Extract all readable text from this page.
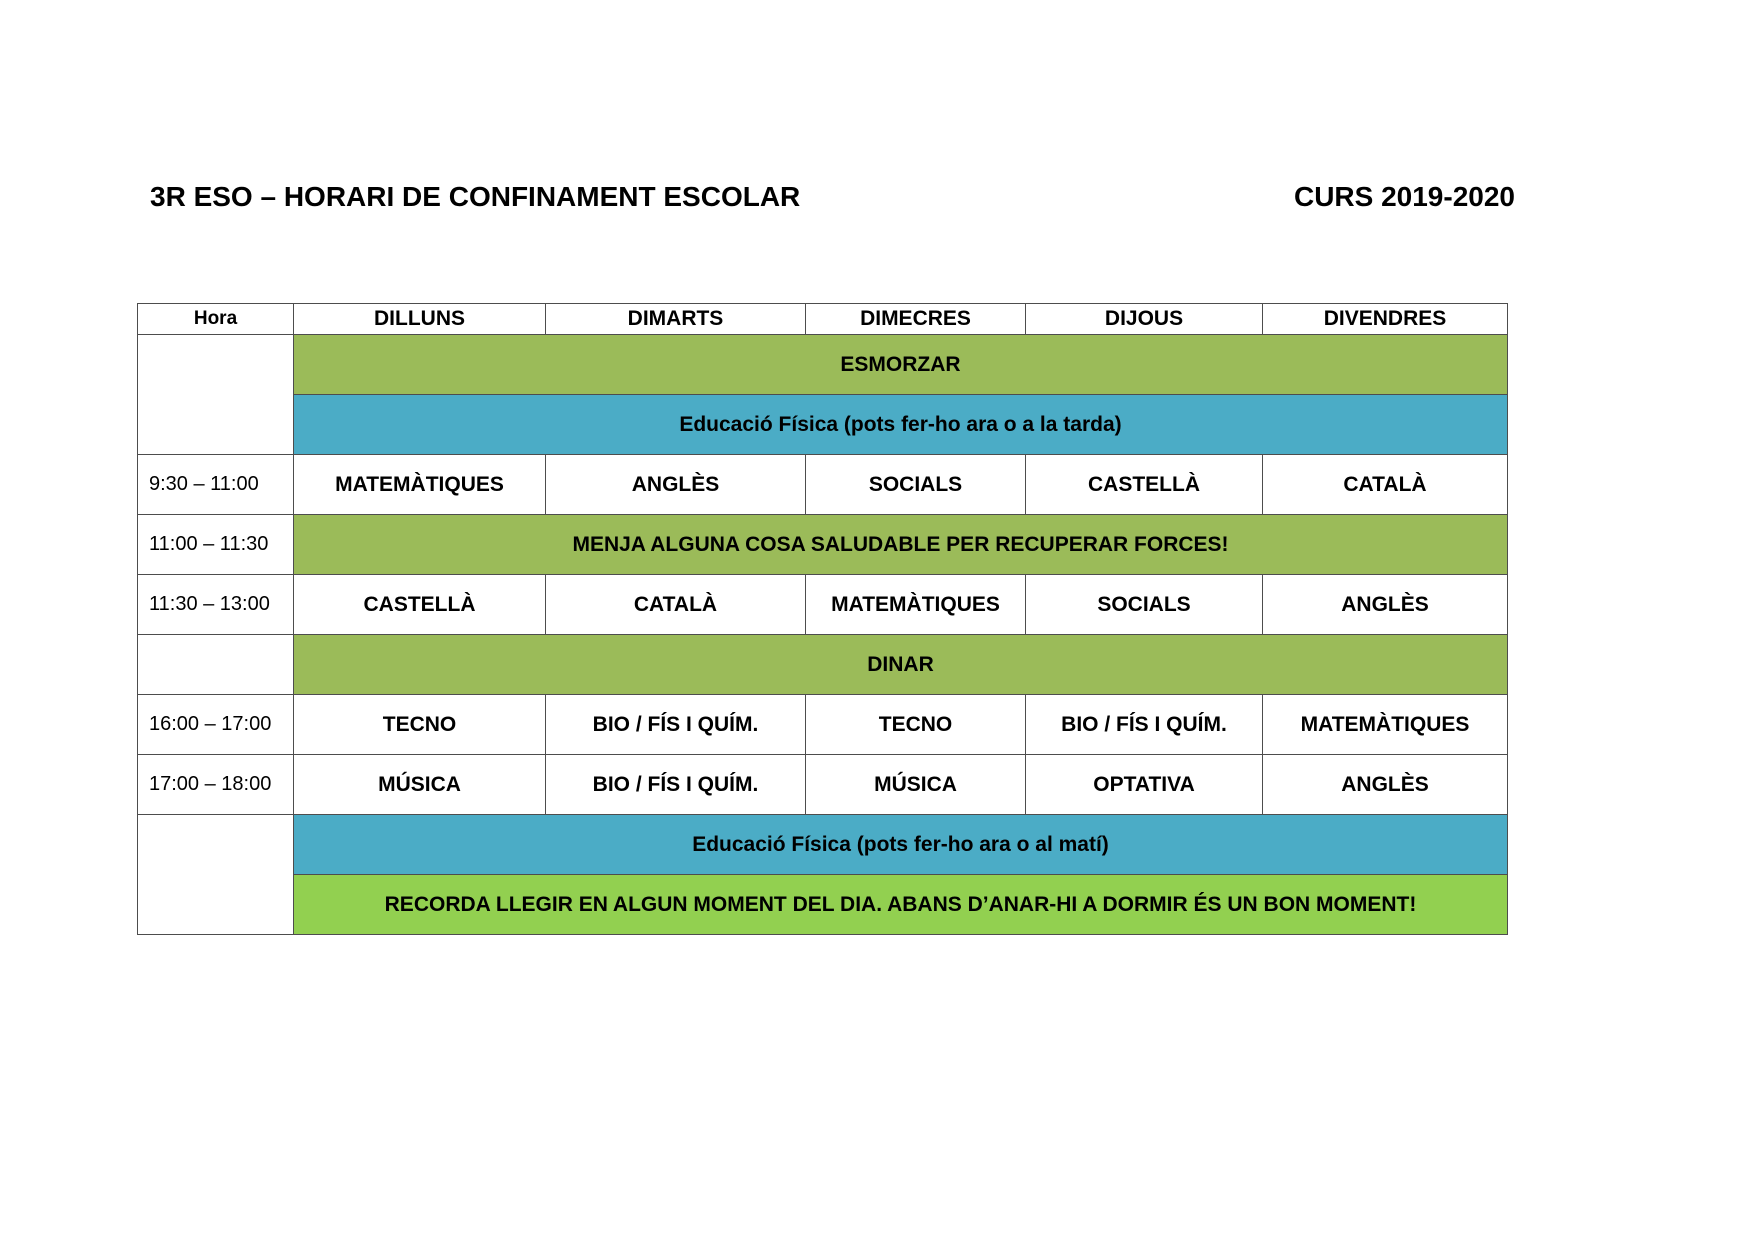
3R ESO – HORARI DE CONFINAMENT ESCOLAR	CURS 2019-2020
Hora	DILLUNS	DIMARTS	DIMECRES	DIJOUS	DIVENDRES
	ESMORZAR				
	Educació Física (pots fer-ho ara o a la tarda)				
9:30 – 11:00	MATEMÀTIQUES	ANGLÈS	SOCIALS	CASTELLÀ	CATALÀ
11:00 – 11:30	MENJA ALGUNA COSA SALUDABLE PER RECUPERAR FORCES!				
11:30 – 13:00	CASTELLÀ	CATALÀ	MATEMÀTIQUES	SOCIALS	ANGLÈS
	DINAR				
16:00 – 17:00	TECNO	BIO / FÍS I QUÍM.	TECNO	BIO / FÍS I QUÍM.	MATEMÀTIQUES
17:00 – 18:00	MÚSICA	BIO / FÍS I QUÍM.	MÚSICA	OPTATIVA	ANGLÈS
	Educació Física (pots fer-ho ara o al matí)				
	RECORDA LLEGIR EN ALGUN MOMENT DEL DIA. ABANS D’ANAR-HI A DORMIR ÉS UN BON MOMENT!				
